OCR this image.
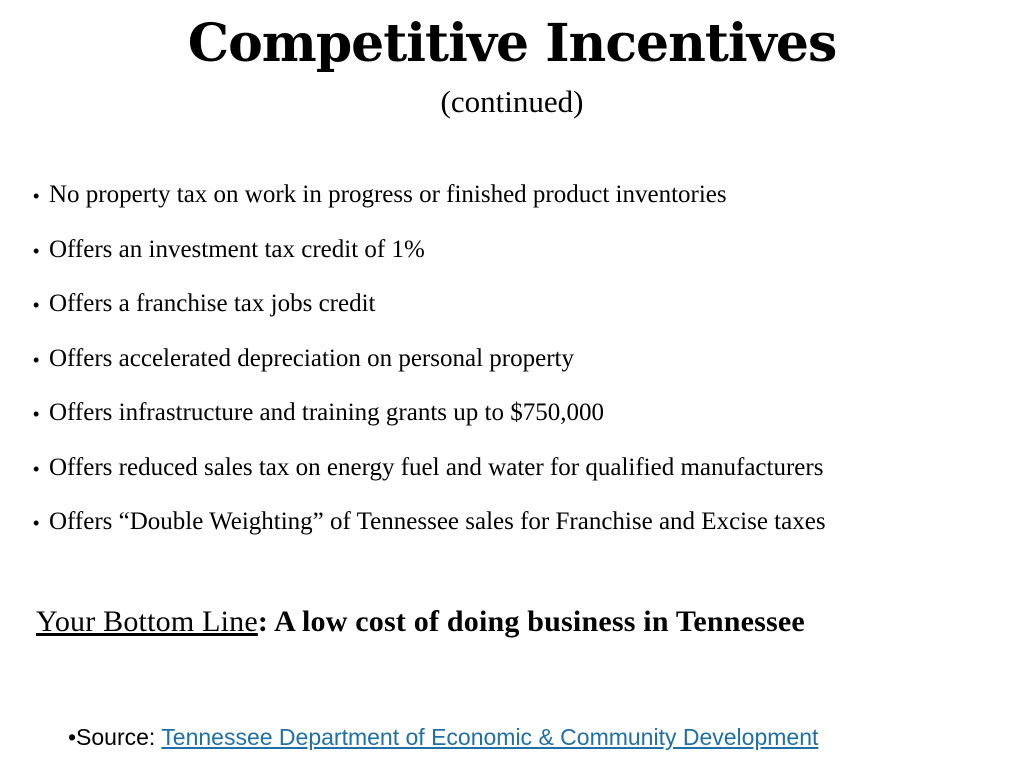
Competitive Incentives
(continued)
• No property tax on work in progress or finished product inventories
• Offers an investment tax credit of 1%
• Offers a franchise tax jobs credit
• Offers accelerated depreciation on personal property
• Offers infrastructure and training grants up to $750,000
• Offers reduced sales tax on energy fuel and water for qualified manufacturers
• Offers “Double Weighting” of Tennessee sales for Franchise and Excise taxes
Your Bottom Line: A low cost of doing business in Tennessee
•Source: Tennessee Department of Economic & Community Development
